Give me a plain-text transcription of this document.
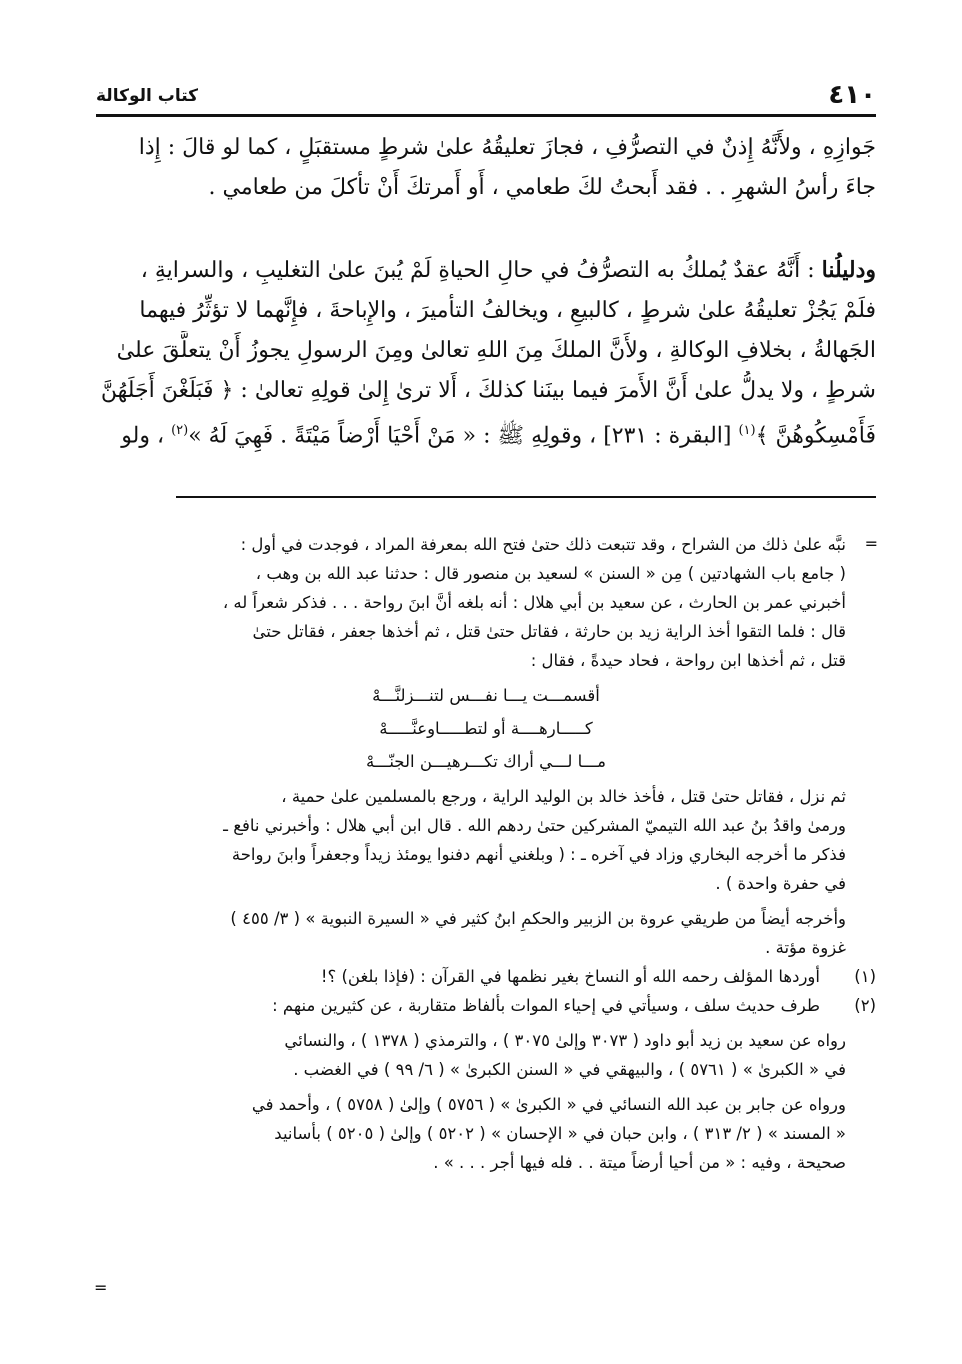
٤١٠
كتاب الوكالة
جَوازِهِ ، ولأَنَّهُ إِذنٌ في التصرُّفِ ، فجازَ تعليقُهُ علىٰ شرطٍ مستقبَلٍ ، كما لو قالَ : إِذا
جاءَ رأسُ الشهرِ . . فقد أَبحتُ لكَ طعامي ، أَو أَمرتكَ أَنْ تأكلَ من طعامي .
ودليلُنا : أَنَّهُ عقدٌ يُملكُ به التصرُّفُ في حالِ الحياةِ لَمْ يُبنَ علىٰ التغليبِ ، والسرايةِ ،
فلَمْ يَجُزْ تعليقُهُ علىٰ شرطٍ ، كالبيعِ ، ويخالفُ التأميرَ ، والإِباحةَ ، فإِنَّهما لا تؤثِّرُ فيهما
الجَهالةُ ، بخلافِ الوكالةِ ، ولأَنَّ الملكَ مِنَ اللهِ تعالىٰ ومِنَ الرسولِ يجوزُ أَنْ يتعلَّقَ علىٰ
شرطٍ ، ولا يدلُّ علىٰ أَنَّ الأَمرَ فيما بينَنا كذلكَ ، أَلا ترىٰ إِلىٰ قولِهِ تعالىٰ : ﴿ فَبَلَغْنَ أَجَلَهُنَّ
فَأَمْسِكُوهُنَّ ﴾$^{(١)}$ [البقرة : ٢٣١] ، وقولِهِ ﷺ : « مَنْ أَحْيَا أَرْضاً مَيْتَةً . فَهِيَ لَهُ »$^{(٢)}$ ، ولو
=
نبَّه علىٰ ذلك من الشراح ، وقد تتبعت ذلك حتىٰ فتح الله بمعرفة المراد ، فوجدت في أول :
( جامع باب الشهادتين ) مِن « السنن » لسعيد بن منصور قال : حدثنا عبد الله بن وهب ،
أخبرني عمر بن الحارث ، عن سعيد بن أبي هلال : أنه بلغه أنَّ ابنَ رواحة . . . فذكر شعراً له ،
قال : فلما التقوا أخذ الراية زيد بن حارثة ، فقاتل حتىٰ قتل ، ثم أخذها جعفر ، فقاتل حتىٰ
قتل ، ثم أخذها ابن رواحة ، فحاد حيدةً ، فقال :
أقسمـــت يـــا نفـــس لتنـــزلنَّـــهْ
كـــــارهــــة أو لتطـــــاوعنَّـــــهْ
مـــا لـــي أراك تكـــرهيـــن الجنّـــهْ
ثم نزل ، فقاتل حتىٰ قتل ، فأخذ خالد بن الوليد الراية ، ورجع بالمسلمين علىٰ حمية ،
ورمىٰ واقدُ بنُ عبد الله التيميّ المشركين حتىٰ ردهم الله . قال ابن أبي هلال : وأخبرني نافع ـ
فذكر ما أخرجه البخاري وزاد في آخره ـ : ( وبلغني أنهم دفنوا يومئذ زيداً وجعفراً وابنَ رواحة
في حفرة واحدة ) .
وأخرجه أيضاً من طريقي عروة بن الزبير والحكمِ ابنُ كثير في « السيرة النبوية » ( ٣/ ٤٥٥ )
غزوة مؤتة .
(١)
أوردها المؤلف رحمه الله أو النساخ بغير نظمها في القرآن : (فإذا بلغن) ؟!
(٢)
طرف حديث سلف ، وسيأتي في إحياء الموات بألفاظ متقاربة ، عن كثيرين منهم :
رواه عن سعيد بن زيد أبو داود ( ٣٠٧٣ وإلىٰ ٣٠٧٥ ) ، والترمذي ( ١٣٧٨ ) ، والنسائي
في « الكبرىٰ » ( ٥٧٦١ ) ، والبيهقي في « السنن الكبرىٰ » ( ٦/ ٩٩ ) في الغضب .
ورواه عن جابر بن عبد الله النسائي في « الكبرىٰ » ( ٥٧٥٦ ) وإلىٰ ( ٥٧٥٨ ) ، وأحمد في
« المسند » ( ٢/ ٣١٣ ) ، وابن حبان في « الإحسان » ( ٥٢٠٢ ) وإلىٰ ( ٥٢٠٥ ) بأسانيد
صحيحة ، وفيه : « من أحيا أرضاً ميتة . . فله فيها أجر . . . » .
=
